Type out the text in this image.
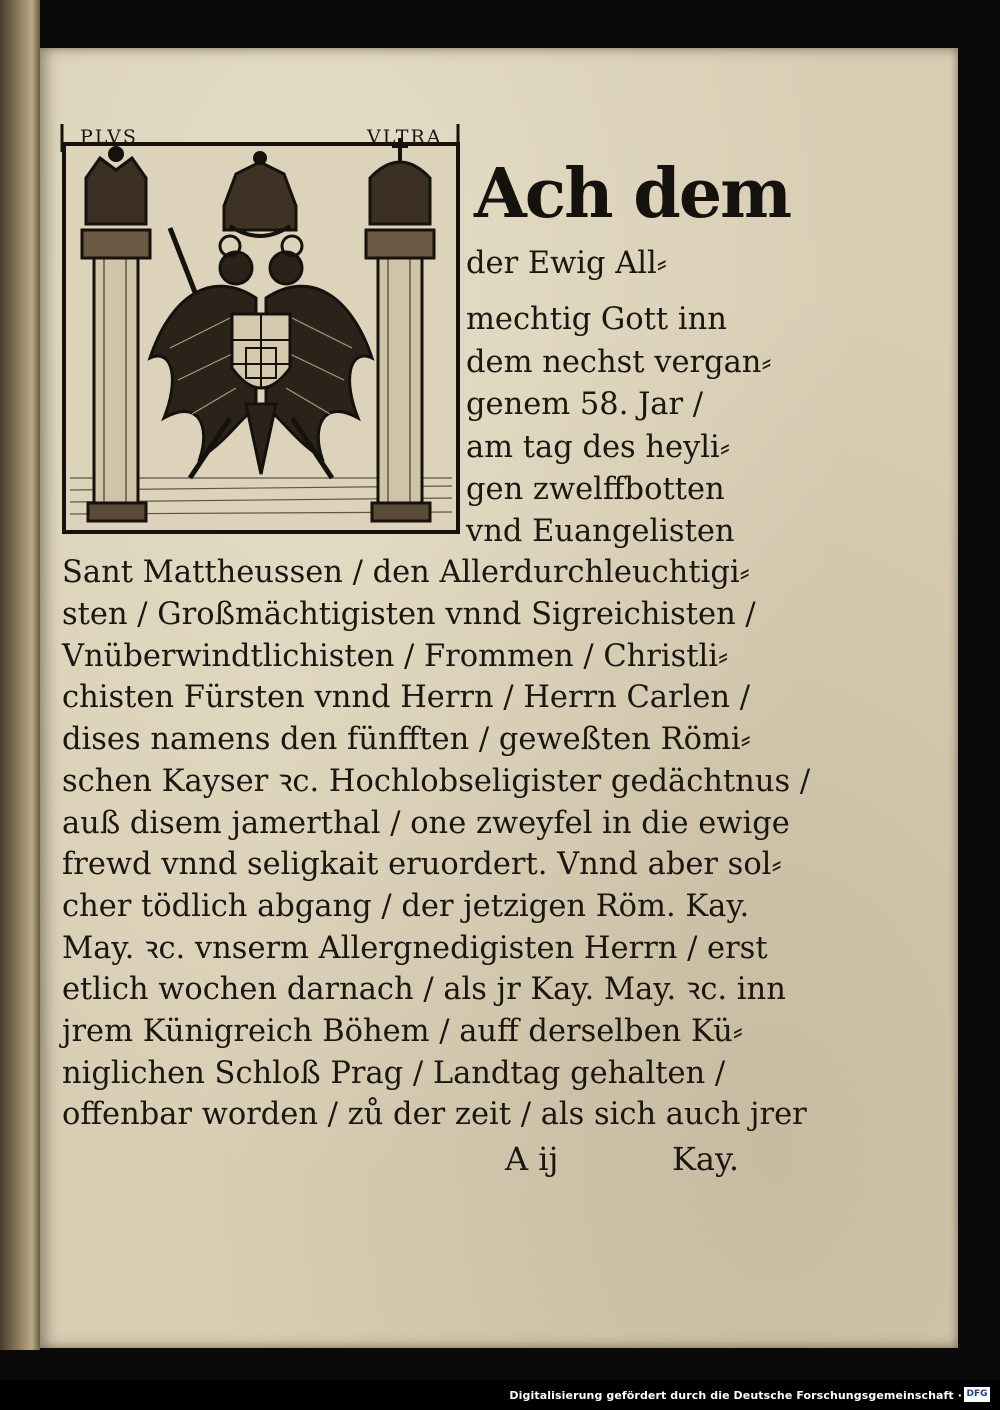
PLVS	VLTRA
Ach dem
der Ewig All⸗
mechtig Gott inn
dem nechst vergan⸗
genem 58. Jar /
am tag des heyli⸗
gen zwelffbotten
vnd Euangelisten
Sant Mattheussen / den Allerdurchleuchtigi⸗
sten / Großmächtigisten vnnd Sigreichisten /
Vnüberwindtlichisten / Frommen / Christli⸗
chisten Fürsten vnnd Herrn / Herrn Carlen /
dises namens den fünfften / geweßten Römi⸗
schen Kayser ꝛc. Hochlobseligister gedächtnus /
auß disem jamerthal / one zweyfel in die ewige
frewd vnnd seligkait eruordert. Vnnd aber sol⸗
cher tödlich abgang / der jetzigen Röm. Kay.
May. ꝛc. vnserm Allergnedigisten Herrn / erst
etlich wochen darnach / als jr Kay. May. ꝛc. inn
jrem Künigreich Böhem / auff derselben Kü⸗
niglichen Schloß Prag / Landtag gehalten /
offenbar worden / zů der zeit / als sich auch jrer
A ij	Kay.
Digitalisierung gefördert durch die Deutsche Forschungsgemeinschaft · DFG
